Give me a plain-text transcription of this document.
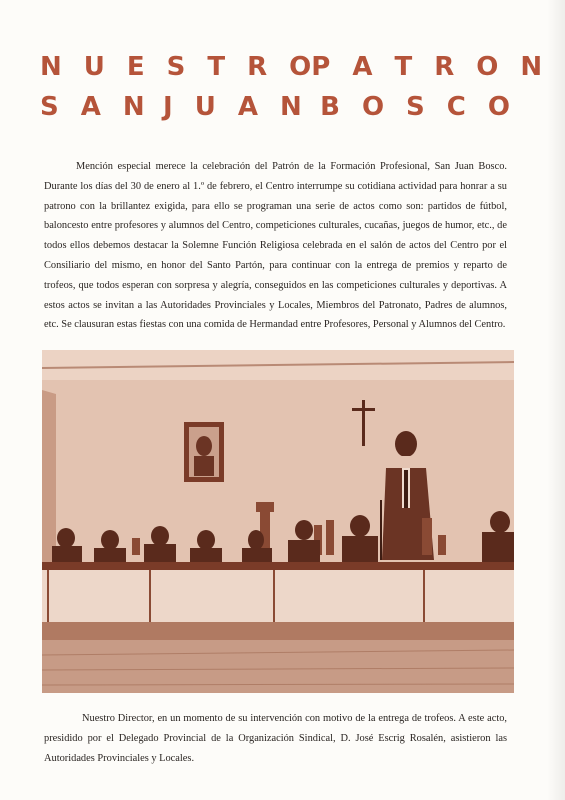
N U E S T R O P A T R O N
S A N J U A N B O S C O

Mención especial merece la celebración del Patrón de la Formación Profesional, San Juan Bosco. Durante los días del 30 de enero al 1.º de febrero, el Centro interrumpe su cotidiana actividad para honrar a su patrono con la brillantez exigida, para ello se programan una serie de actos como son: partidos de fútbol, baloncesto entre profesores y alumnos del Centro, competiciones culturales, cucañas, juegos de humor, etc., de todos ellos debemos destacar la Solemne Función Religiosa celebrada en el salón de actos del Centro por el Consiliario del mismo, en honor del Santo Partón, para continuar con la entrega de premios y reparto de trofeos, que todos esperan con sorpresa y alegría, conseguidos en las competiciones culturales y deportivas. A estos actos se invitan a las Autoridades Provinciales y Locales, Miembros del Patronato, Padres de alumnos, etc. Se clausuran estas fiestas con una comida de Hermandad entre Profesores, Personal y Alumnos del Centro.

Nuestro Director, en un momento de su intervención con motivo de la entrega de trofeos. A este acto, presidido por el Delegado Provincial de la Organización Sindical, D. José Escrig Rosalén, asistieron las Autoridades Provinciales y Locales.
